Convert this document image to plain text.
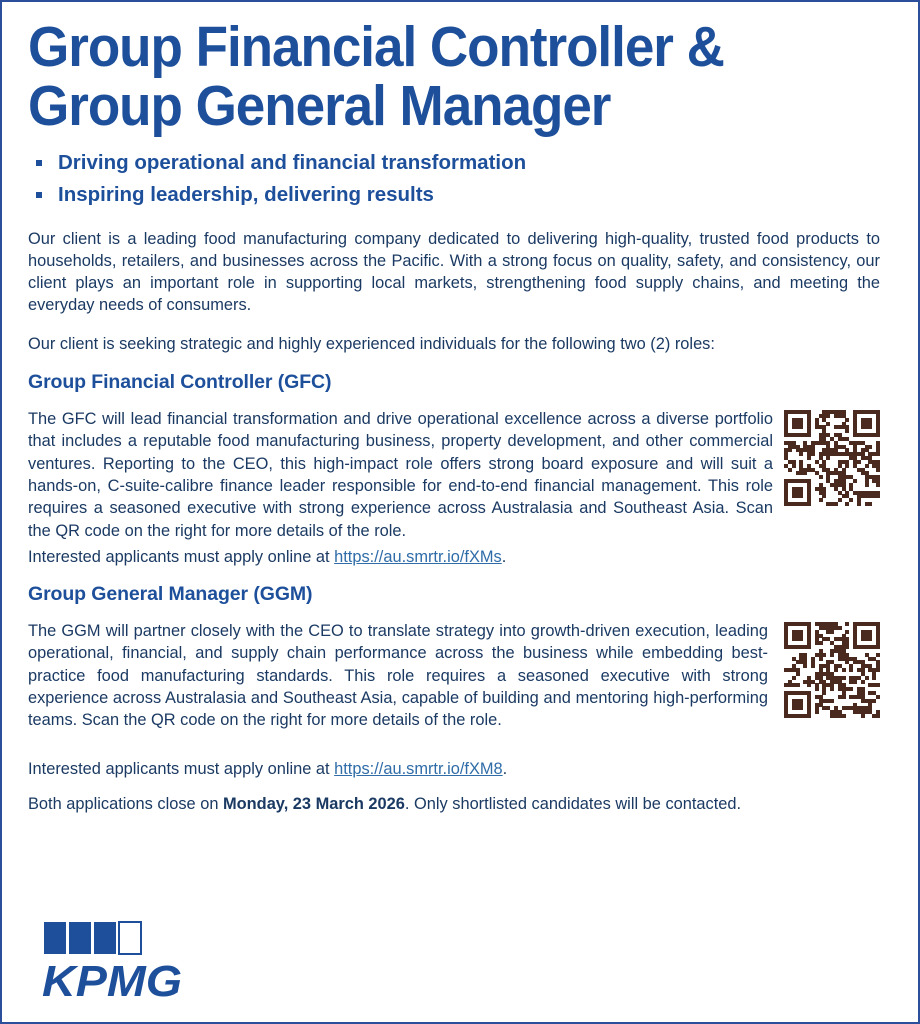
Group Financial Controller &
Group General Manager
Driving operational and financial transformation
Inspiring leadership, delivering results

Our client is a leading food manufacturing company dedicated to delivering high-quality, trusted food products to households, retailers, and businesses across the Pacific. With a strong focus on quality, safety, and consistency, our client plays an important role in supporting local markets, strengthening food supply chains, and meeting the everyday needs of consumers.

Our client is seeking strategic and highly experienced individuals for the following two (2) roles:

Group Financial Controller (GFC)

The GFC will lead financial transformation and drive operational excellence across a diverse portfolio that includes a reputable food manufacturing business, property development, and other commercial ventures. Reporting to the CEO, this high-impact role offers strong board exposure and will suit a hands-on, C-suite-calibre finance leader responsible for end-to-end financial management. This role requires a seasoned executive with strong experience across Australasia and Southeast Asia. Scan the QR code on the right for more details of the role.

Interested applicants must apply online at https://au.smrtr.io/fXMs.

Group General Manager (GGM)

The GGM will partner closely with the CEO to translate strategy into growth-driven execution, leading operational, financial, and supply chain performance across the business while embedding best-practice food manufacturing standards. This role requires a seasoned executive with strong experience across Australasia and Southeast Asia, capable of building and mentoring high-performing teams. Scan the QR code on the right for more details of the role.

Interested applicants must apply online at https://au.smrtr.io/fXM8.

Both applications close on Monday, 23 March 2026. Only shortlisted candidates will be contacted.

KPMG
